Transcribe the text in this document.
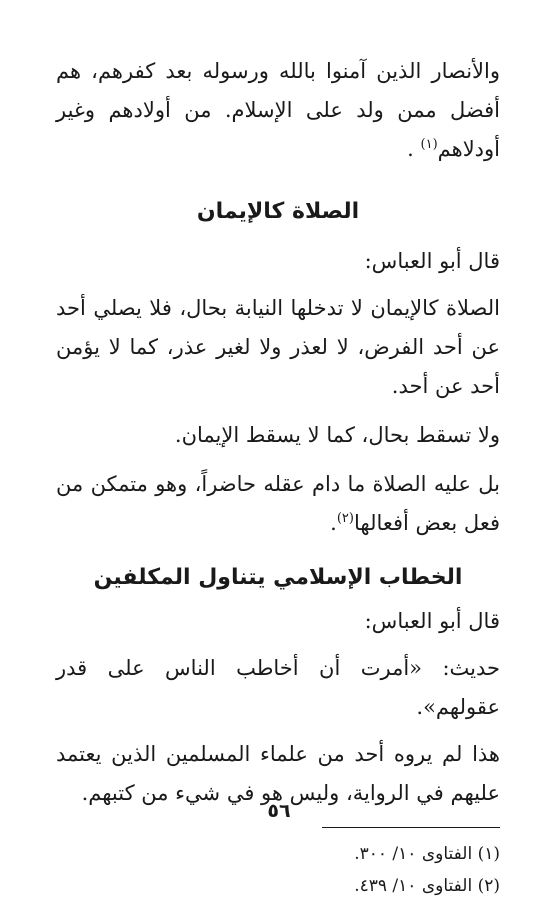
والأنصار الذين آمنوا بالله ورسوله بعد كفرهم، هم أفضل ممن ولد على الإسلام. من أولادهم وغير أودلاهم$^{(١)}$ .

الصلاة كالإيمان

قال أبو العباس:

الصلاة كالإيمان لا تدخلها النيابة بحال، فلا يصلي أحد عن أحد الفرض، لا لعذر ولا لغير عذر، كما لا يؤمن أحد عن أحد.

ولا تسقط بحال، كما لا يسقط الإيمان.

بل عليه الصلاة ما دام عقله حاضراً، وهو متمكن من فعل بعض أفعالها$^{(٢)}$.

الخطاب الإسلامي يتناول المكلفين

قال أبو العباس:

حديث: «أمرت أن أخاطب الناس على قدر عقولهم».

هذا لم يروه أحد من علماء المسلمين الذين يعتمد عليهم في الرواية، وليس هو في شيء من كتبهم.

(١) الفتاوى ١٠/ ٣٠٠.

(٢) الفتاوى ١٠/ ٤٣٩.

٥٦
